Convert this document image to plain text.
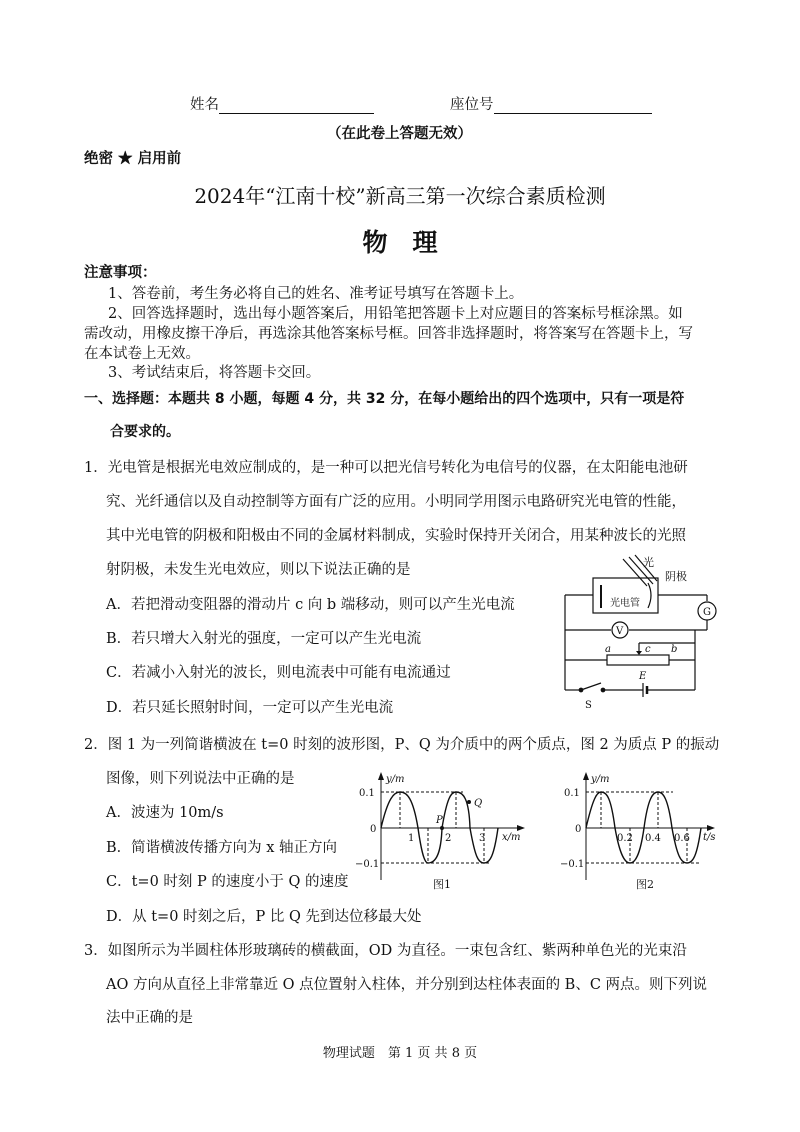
姓名	座位号
（在此卷上答题无效）
绝密 ★ 启用前
2024年“江南十校”新高三第一次综合素质检测
物　理
注意事项：
1、答卷前，考生务必将自己的姓名、准考证号填写在答题卡上。
2、回答选择题时，选出每小题答案后，用铅笔把答题卡上对应题目的答案标号框涂黑。如
需改动，用橡皮擦干净后，再选涂其他答案标号框。回答非选择题时，将答案写在答题卡上，写
在本试卷上无效。
3、考试结束后，将答题卡交回。
一、选择题：本题共 8 小题，每题 4 分，共 32 分，在每小题给出的四个选项中，只有一项是符
合要求的。
1．光电管是根据光电效应制成的，是一种可以把光信号转化为电信号的仪器，在太阳能电池研
究、光纤通信以及自动控制等方面有广泛的应用。小明同学用图示电路研究光电管的性能，
其中光电管的阴极和阳极由不同的金属材料制成，实验时保持开关闭合，用某种波长的光照
射阴极，未发生光电效应，则以下说法正确的是
A．若把滑动变阻器的滑动片 c 向 b 端移动，则可以产生光电流
B．若只增大入射光的强度，一定可以产生光电流
C．若减小入射光的波长，则电流表中可能有电流通过
D．若只延长照射时间，一定可以产生光电流
光
阴极
光电管
G
V
a	c b
E
S
2．图 1 为一列简谐横波在 t=0 时刻的波形图，P、Q 为介质中的两个质点，图 2 为质点 P 的振动
图像，则下列说法中正确的是
A．波速为 10m/s
B．简谐横波传播方向为 x 轴正方向
C．t=0 时刻 P 的速度小于 Q 的速度
D．从 t=0 时刻之后，P 比 Q 先到达位移最大处
y/m
x/m
0.1
0
−0.1
1	2	3
P
Q
图1
y/m
t/s
0.1
0
−0.1
0.2 0.4 0.6
图2
3．如图所示为半圆柱体形玻璃砖的横截面，OD 为直径。一束包含红、紫两种单色光的光束沿
AO 方向从直径上非常靠近 O 点位置射入柱体，并分别到达柱体表面的 B、C 两点。则下列说
法中正确的是
物理试题　第 1 页 共 8 页
